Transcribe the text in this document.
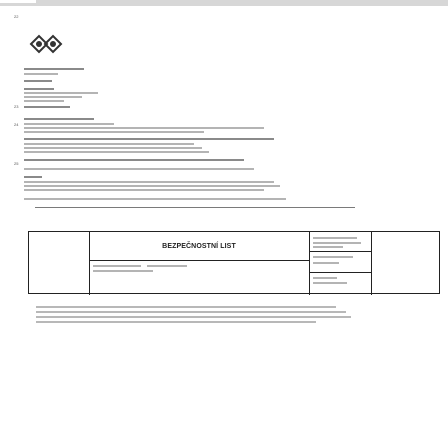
22
23
24
25
BEZPEČNOSTNÍ LIST
